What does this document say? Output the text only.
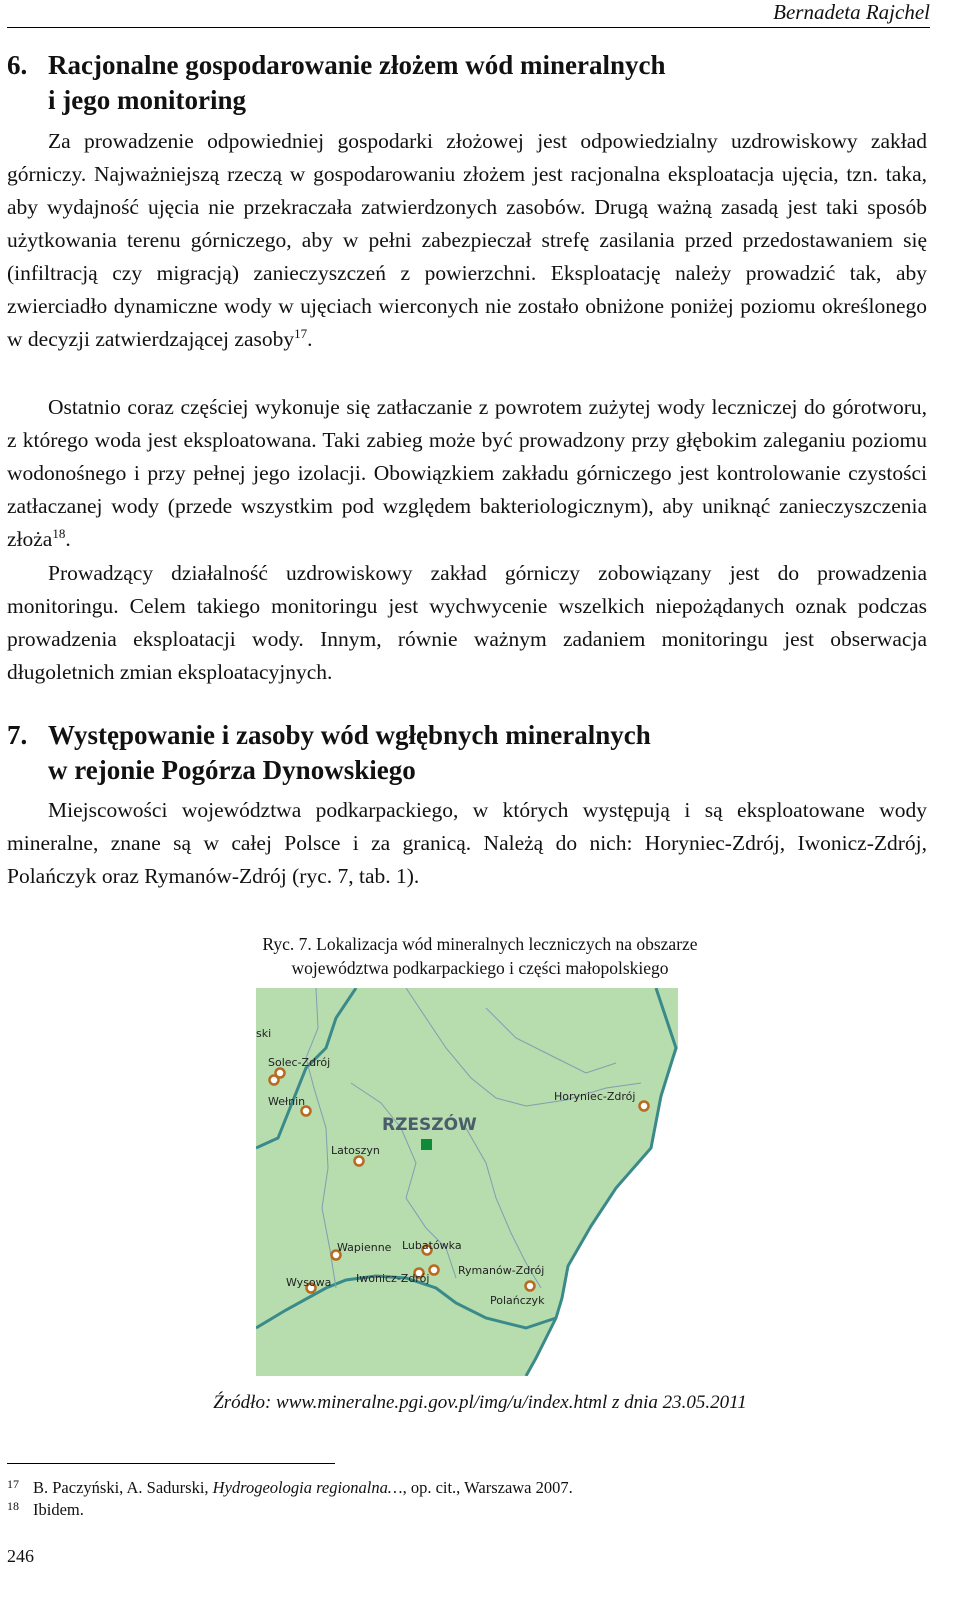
Bernadeta Rajchel
6. Racjonalne gospodarowanie złożem wód mineralnych
i jego monitoring

Za prowadzenie odpowiedniej gospodarki złożowej jest odpowiedzialny uzdrowiskowy zakład górniczy. Najważniejszą rzeczą w gospodarowaniu złożem jest racjonalna eksploatacja ujęcia, tzn. taka, aby wydajność ujęcia nie przekraczała zatwierdzonych zasobów. Drugą ważną zasadą jest taki sposób użytkowania terenu górniczego, aby w pełni zabezpieczał strefę zasilania przed przedostawaniem się (infiltracją czy migracją) zanieczyszczeń z powierzchni. Eksploatację należy prowadzić tak, aby zwierciadło dynamiczne wody w ujęciach wierconych nie zostało obniżone poniżej poziomu określonego w decyzji zatwierdzającej zasoby$^{17}$.

Ostatnio coraz częściej wykonuje się zatłaczanie z powrotem zużytej wody leczniczej do górotworu, z którego woda jest eksploatowana. Taki zabieg może być prowadzony przy głębokim zaleganiu poziomu wodonośnego i przy pełnej jego izolacji. Obowiązkiem zakładu górniczego jest kontrolowanie czystości zatłaczanej wody (przede wszystkim pod względem bakteriologicznym), aby uniknąć zanieczyszczenia złoża$^{18}$.

Prowadzący działalność uzdrowiskowy zakład górniczy zobowiązany jest do prowadzenia monitoringu. Celem takiego monitoringu jest wychwycenie wszelkich niepożądanych oznak podczas prowadzenia eksploatacji wody. Innym, równie ważnym zadaniem monitoringu jest obserwacja długoletnich zmian eksploatacyjnych.

7. Występowanie i zasoby wód wgłębnych mineralnych
w rejonie Pogórza Dynowskiego

Miejscowości województwa podkarpackiego, w których występują i są eksploatowane wody mineralne, znane są w całej Polsce i za granicą. Należą do nich: Horyniec-Zdrój, Iwonicz-Zdrój, Polańczyk oraz Rymanów-Zdrój (ryc. 7, tab. 1).

Ryc. 7. Lokalizacja wód mineralnych leczniczych na obszarze
województwa podkarpackiego i części małopolskiego
ski
Solec-Zdrój
Wełnin	Horyniec-Zdrój
RZESZÓW
Latoszyn
Wapienne Lubatówka
Rymanów-Zdrój
Wysowa Iwonicz-Zdrój
Polańczyk
Źródło: www.mineralne.pgi.gov.pl/img/u/index.html z dnia 23.05.2011
17 B. Paczyński, A. Sadurski, Hydrogeologia regionalna…, op. cit., Warszawa 2007.
18 Ibidem.
246
